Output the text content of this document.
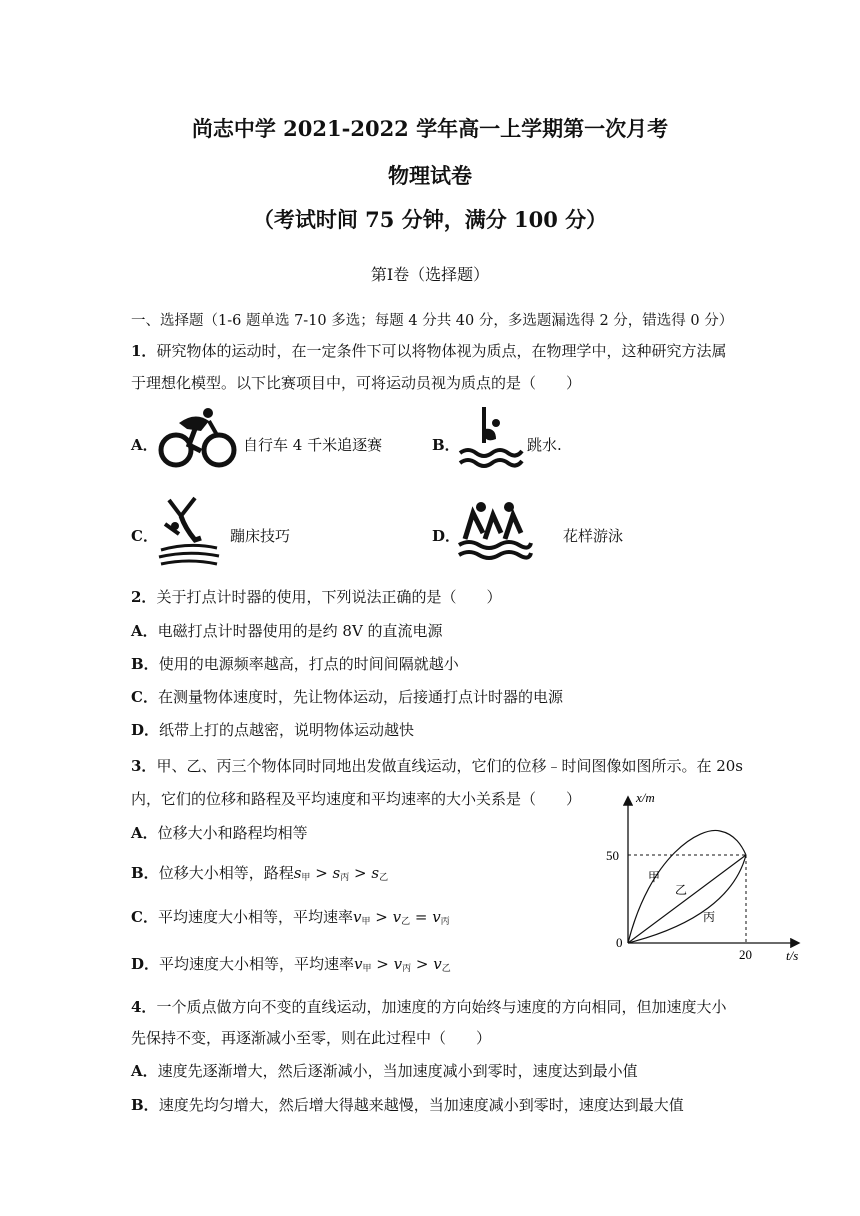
尚志中学 2021-2022 学年高一上学期第一次月考
物理试卷
（考试时间 75 分钟，满分 100 分）
第Ⅰ卷（选择题）
一、选择题（1-6 题单选 7-10 多选；每题 4 分共 40 分，多选题漏选得 2 分，错选得 0 分）
1．研究物体的运动时，在一定条件下可以将物体视为质点，在物理学中，这种研究方法属
于理想化模型。以下比赛项目中，可将运动员视为质点的是（　　）
A．	自行车 4 千米追逐赛	B．	跳水.
C．	蹦床技巧	D．	花样游泳
2．关于打点计时器的使用，下列说法正确的是（　　）
A．电磁打点计时器使用的是约 8V 的直流电源
B．使用的电源频率越高，打点的时间间隔就越小
C．在测量物体速度时，先让物体运动，后接通打点计时器的电源
D．纸带上打的点越密，说明物体运动越快
3．甲、乙、丙三个物体同时同地出发做直线运动，它们的位移﹣时间图像如图所示。在 20s
内，它们的位移和路程及平均速度和平均速率的大小关系是（　　）
A．位移大小和路程均相等
B．位移大小相等，路程$s_甲 > s_丙 > s_乙$
C．平均速度大小相等，平均速率$v_甲 > v_乙 = v_丙$
D．平均速度大小相等，平均速率$v_甲 > v_丙 > v_乙$
x/m
t/s
0
50
20
甲
乙
丙
4．一个质点做方向不变的直线运动，加速度的方向始终与速度的方向相同，但加速度大小
先保持不变，再逐渐减小至零，则在此过程中（　　）
A．速度先逐渐增大，然后逐渐减小，当加速度减小到零时，速度达到最小值
B．速度先均匀增大，然后增大得越来越慢，当加速度减小到零时，速度达到最大值
